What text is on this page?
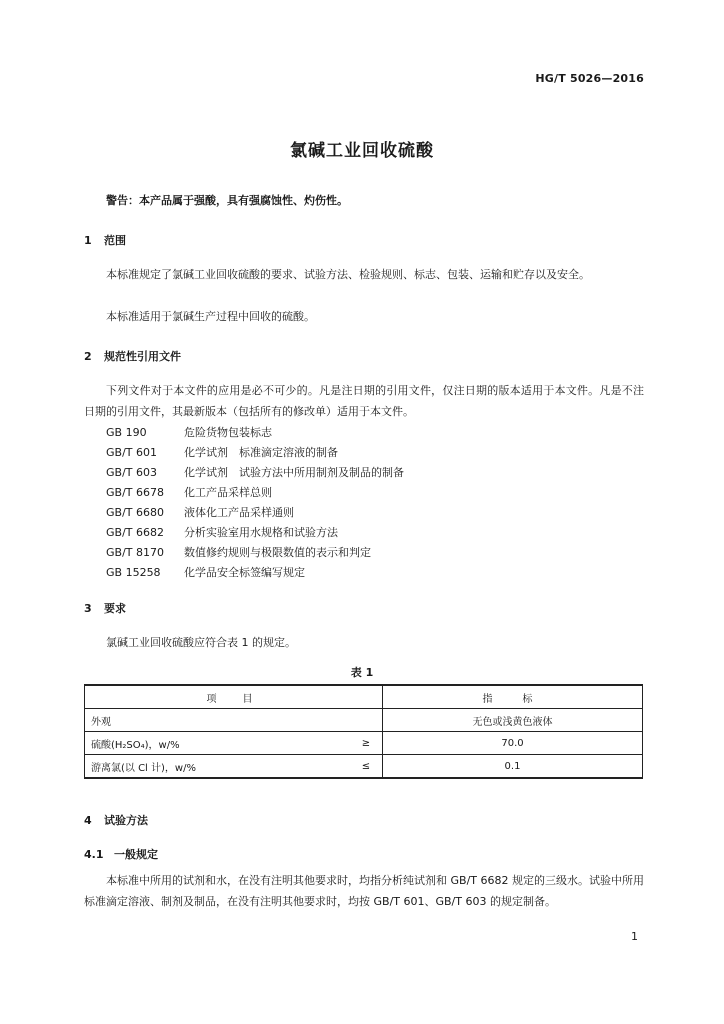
HG/T 5026—2016
氯碱工业回收硫酸
警告：本产品属于强酸，具有强腐蚀性、灼伤性。
1 范围
本标准规定了氯碱工业回收硫酸的要求、试验方法、检验规则、标志、包装、运输和贮存以及安全。
本标准适用于氯碱生产过程中回收的硫酸。
2 规范性引用文件
下列文件对于本文件的应用是必不可少的。凡是注日期的引用文件，仅注日期的版本适用于本文件。凡是不注日期的引用文件，其最新版本（包括所有的修改单）适用于本文件。
GB 190	危险货物包装标志
GB/T 601 化学试剂　标准滴定溶液的制备
GB/T 603 化学试剂　试验方法中所用制剂及制品的制备
GB/T 6678 化工产品采样总则
GB/T 6680 液体化工产品采样通则
GB/T 6682 分析实验室用水规格和试验方法
GB/T 8170 数值修约规则与极限数值的表示和判定
GB 15258 化学品安全标签编写规定
3 要求
氯碱工业回收硫酸应符合表 1 的规定。
表 1
项　目		指　标
外观		无色或浅黄色液体
硫酸(H₂SO₄)，w/%	≥	70.0
游离氯(以 Cl 计)，w/%	≤	0.1
4 试验方法
4.1 一般规定
本标准中所用的试剂和水，在没有注明其他要求时，均指分析纯试剂和 GB/T 6682 规定的三级水。试验中所用标准滴定溶液、制剂及制品，在没有注明其他要求时，均按 GB/T 601、GB/T 603 的规定制备。
1
